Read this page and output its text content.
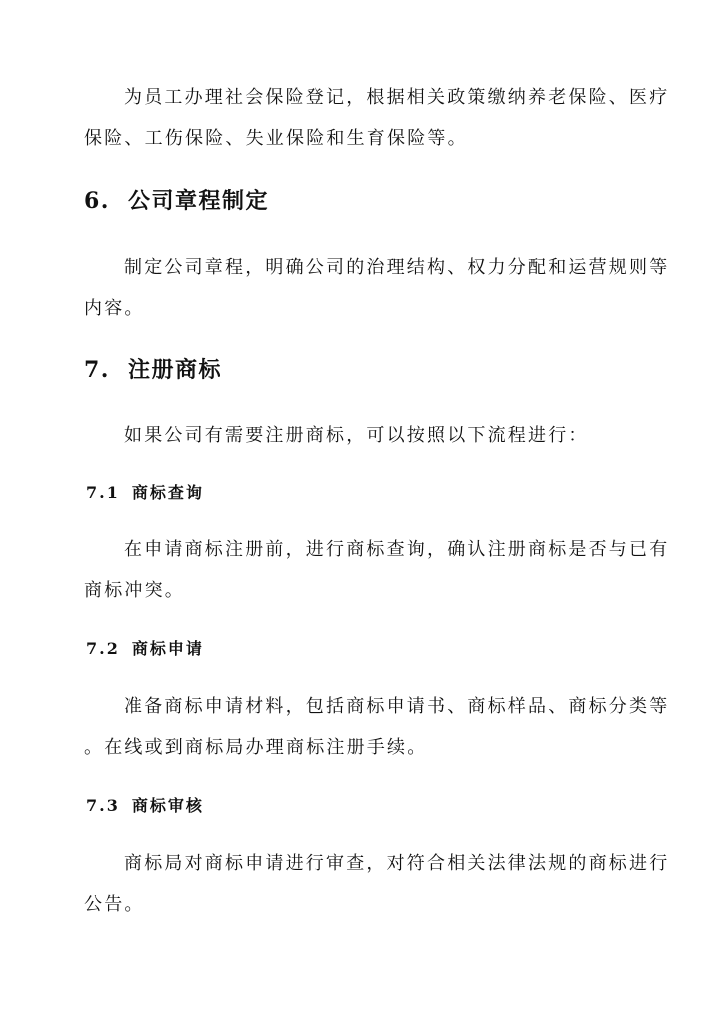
为员工办理社会保险登记，根据相关政策缴纳养老保险、医疗
保险、工伤保险、失业保险和生育保险等。
6. 公司章程制定
制定公司章程，明确公司的治理结构、权力分配和运营规则等
内容。
7. 注册商标
如果公司有需要注册商标，可以按照以下流程进行：
7.1 商标查询
在申请商标注册前，进行商标查询，确认注册商标是否与已有
商标冲突。
7.2 商标申请
准备商标申请材料，包括商标申请书、商标样品、商标分类等
。在线或到商标局办理商标注册手续。
7.3 商标审核
商标局对商标申请进行审查，对符合相关法律法规的商标进行
公告。
